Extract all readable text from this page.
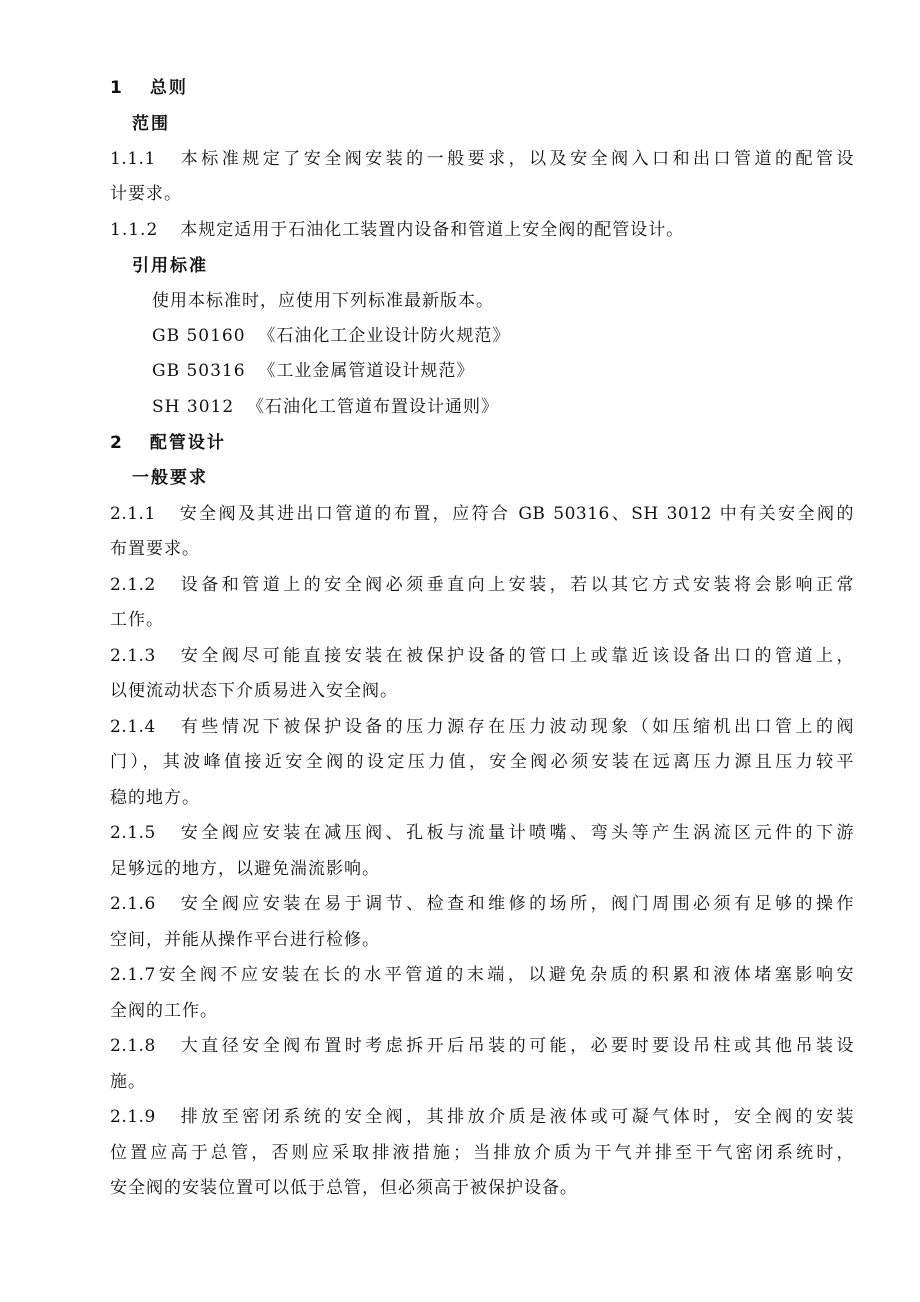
1 总则
范围
1.1.1 本标准规定了安全阀安装的一般要求，以及安全阀入口和出口管道的配管设
计要求。
1.1.2 本规定适用于石油化工装置内设备和管道上安全阀的配管设计。
引用标准
使用本标准时，应使用下列标准最新版本。
GB 50160  《石油化工企业设计防火规范》
GB 50316  《工业金属管道设计规范》
SH 3012  《石油化工管道布置设计通则》
2 配管设计
一般要求
2.1.1 安全阀及其进出口管道的布置，应符合 GB 50316、SH 3012 中有关安全阀的
布置要求。
2.1.2 设备和管道上的安全阀必须垂直向上安装，若以其它方式安装将会影响正常
工作。
2.1.3 安全阀尽可能直接安装在被保护设备的管口上或靠近该设备出口的管道上，
以便流动状态下介质易进入安全阀。
2.1.4 有些情况下被保护设备的压力源存在压力波动现象（如压缩机出口管上的阀
门），其波峰值接近安全阀的设定压力值，安全阀必须安装在远离压力源且压力较平
稳的地方。
2.1.5 安全阀应安装在减压阀、孔板与流量计喷嘴、弯头等产生涡流区元件的下游
足够远的地方，以避免湍流影响。
2.1.6 安全阀应安装在易于调节、检查和维修的场所，阀门周围必须有足够的操作
空间，并能从操作平台进行检修。
2.1.7安全阀不应安装在长的水平管道的末端，以避免杂质的积累和液体堵塞影响安
全阀的工作。
2.1.8 大直径安全阀布置时考虑拆开后吊装的可能，必要时要设吊柱或其他吊装设
施。
2.1.9 排放至密闭系统的安全阀，其排放介质是液体或可凝气体时，安全阀的安装
位置应高于总管，否则应采取排液措施；当排放介质为干气并排至干气密闭系统时，
安全阀的安装位置可以低于总管，但必须高于被保护设备。
